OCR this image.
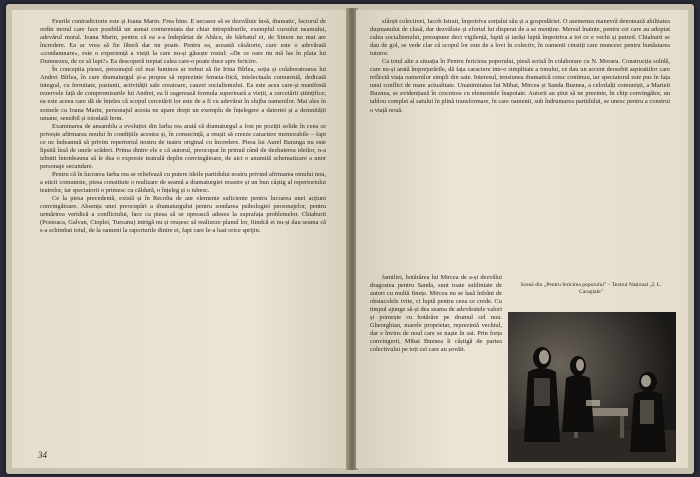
Feurile contradictorie este și Ioana Marin. Frea bine. E uecasor să se dezvăluie însă, dramatic, factorul de ordin moral care face posibilă un asmai conturentata dar chiar intrepidrurile, exemplul cursului neamului, adevărul moral. Ioana Marin, pentru că ea s-a îndepărtat de Abăcu, de bărbatul ei, de Simon nu mai are încredere. Ea ar vrea să fie liberă dar nu poate. Pentru ea, această căsătorie, care este o adevărată «condamnare», este o experiență a vieții la care nu-și găsește rostul: «De ce oare nu mă las în plata lui Dumnezeu, de ce să lupt?» Ea descoperă treptat calea care-o poate duce spre fericire.

În conceptia piesei, personajul cel mai luminos ar trebui să fie Irina Bîrlea, soția și colaboratoarea lui Andrei Bîrlea, în care dramaturgul și-a propus să reprezinte femeia-fiică, intelectuala comunistă, dedicată integral, cu fermitate, pasiunii, activității sale creatoare, cauzei socialismului. Ea este acea care-și manifestă rezervele față de compromisurile lui Andrei, ea îi sugerează formula superioară a vieții, a cercetării științifice; ea este aceea care dă de înțeles că scopul cercetării lor este de a fi cu adevărat în slujba oamenilor. Mai ales în scenele cu Ioana Marin, personajul acesta ne apare drept un exemplu de înțelegere a datoriei și a demnității umane, sensibil și totodată ferm.

Examinarea de ansamblu a evoluției din Iarba rea arată că dramaturgul a fost pe poziții solide în ceea ce privește afirmarea noului în condițiile acestea și, în consecință, a reușit să creeze caractere memorabile – fapt ce ne îndeamnă să privim repertoriul nostru de teatru original cu încredere. Piesa lui Aurel Baranga nu este lipsită însă de unele scăderi. Prima dintre ele e că autorul, preocupat în primul rând de dezbaterea ideilor, n-a izbutit întotdeauna să le dea o expresie teatrală deplin convingătoare, de aici o anumită schematizare a unor personaje secundare.

Pentru că în lucrarea Iarba rea se reliefează cu putere ideile partidului nostru privind afirmarea omului nou, a eticii comuniste, piesa constituie o realizare de seamă a dramaturgiei noastre și un bun câștig al repertoriului teatrelor, iar spectatorii o primesc cu căldură, o înțeleg și o iubesc.

Ce la piesa precedentă, există și în Recolta de aur elemente suficiente pentru lucrarea unei acțiuni convingătoare. Absența unei preocupări a dramaturgului pentru sondarea psihologiei personajelor, pentru urmărirea veridică a conflictului, face ca piesa să se oprească adesea la suprafața problemelor. Chiaburii (Postoaca, Galvan, Cioplei, Turcanu) intrigă nu și reușesc să realizeze planul lor, fiindcă ei nu-și dau seama că s-a schimbat totul, de la oameni la raporturile dintre ei, fapt care le-a luat orice sprijin.

34

sfârșit colectivei, Iacob Istrati, împotriva sorțului său și a gospodăriei. O asemenea manevră denotează abilitatea dușmanului de clasă, dar dezvăluie și efortul lui disperat de a se menține. Mersul înainte, pentru cei care au adoptat calea socialismului, presupune deci vigilență, luptă și iarăși luptă împotriva a tot ce e vechi și putred. Chiaburii se dau de gol, se vede clar că scopul lor este de a lovi în colectiv, în oamenii cinstiți care muncesc pentru bunăstarea tuturor.

Ca totul alte a situația în Pentru fericirea poporului, piesă scrisă în colaborare cu N. Moraru. Construcția solidă, care nu-și arată împrejurările, dă fața caractere intr-o simplitate a tonului, ce dau un accent deosebit aspiratiilor care reflectă viața oamenilor simpli din sate. Interesul, tensiunea dramatică cresc continuu, iar spectatorul este pus în fața unui conflict de mare actualitate. Unanimitatea lui Mihai, Mircea și Sanda Buznea, a celorlalți comuniști, a Marieii Buznea, se evidențiază în ciocnirea cu elementele înapoiate. Autorii au știut să ne prezinte, în chip convingător, un tablou complet al satului în plină transformare, în care oamenii, sub îndrumarea partidului, se unesc pentru a construi o viață nouă.

familiei, hotărârea lui Mircea de a-și dezvălui dragostea pentru Sanda, sunt toate subliniate de autori cu multă finețe. Mircea nu se lasă înfrânt de obstacolele ivite, ci luptă pentru ceea ce crede. Cu timpul ajunge să-și dea seama de adevăratele valori și pornește cu hotărâre pe drumul cel nou. Gheorghian, marele proprietar, reprezintă vechiul, dar e învins de noul care se naște în sat. Prin forța convingerii, Mihai Buznea îi câștigă de partea colectivului pe toți cei care au șovăit.

Scenă din „Pentru fericirea poporului" – Teatrul Național „I. L. Caragiale"
